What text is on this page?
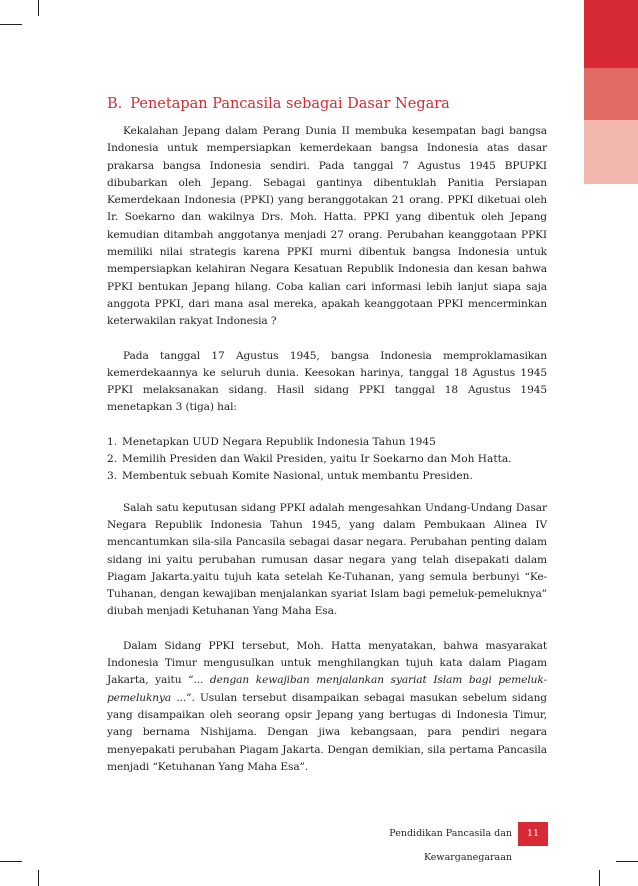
B. Penetapan Pancasila sebagai Dasar Negara

Kekalahan Jepang dalam Perang Dunia II membuka kesempatan bagi bangsa Indonesia untuk mempersiapkan kemerdekaan bangsa Indonesia atas dasar prakarsa bangsa Indonesia sendiri. Pada tanggal 7 Agustus 1945 BPUPKI dibubarkan oleh Jepang. Sebagai gantinya dibentuklah Panitia Persiapan Kemerdekaan Indonesia (PPKI) yang beranggotakan 21 orang. PPKI diketuai oleh Ir. Soekarno dan wakilnya Drs. Moh. Hatta. PPKI yang dibentuk oleh Jepang kemudian ditambah anggotanya menjadi 27 orang. Perubahan keanggotaan PPKI memiliki nilai strategis karena PPKI murni dibentuk bangsa Indonesia untuk mempersiapkan kelahiran Negara Kesatuan Republik Indonesia dan kesan bahwa PPKI bentukan Jepang hilang. Coba kalian cari informasi lebih lanjut siapa saja anggota PPKI, dari mana asal mereka, apakah keanggotaan PPKI mencerminkan keterwakilan rakyat Indonesia ?

Pada tanggal 17 Agustus 1945, bangsa Indonesia memproklamasikan kemerdekaannya ke seluruh dunia. Keesokan harinya, tanggal 18 Agustus 1945 PPKI melaksanakan sidang. Hasil sidang PPKI tanggal 18 Agustus 1945 menetapkan 3 (tiga) hal:

1. Menetapkan UUD Negara Republik Indonesia Tahun 1945
2. Memilih Presiden dan Wakil Presiden, yaitu Ir Soekarno dan Moh Hatta.
3. Membentuk sebuah Komite Nasional, untuk membantu Presiden.

Salah satu keputusan sidang PPKI adalah mengesahkan Undang-Undang Dasar Negara Republik Indonesia Tahun 1945, yang dalam Pembukaan Alinea IV mencantumkan sila-sila Pancasila sebagai dasar negara. Perubahan penting dalam sidang ini yaitu perubahan rumusan dasar negara yang telah disepakati dalam Piagam Jakarta.yaitu tujuh kata setelah Ke-Tuhanan, yang semula berbunyi “Ke-Tuhanan, dengan kewajiban menjalankan syariat Islam bagi pemeluk-pemeluknya” diubah menjadi Ketuhanan Yang Maha Esa.

Dalam Sidang PPKI tersebut, Moh. Hatta menyatakan, bahwa masyarakat Indonesia Timur mengusulkan untuk menghilangkan tujuh kata dalam Piagam Jakarta, yaitu “... dengan kewajiban menjalankan syariat Islam bagi pemeluk-pemeluknya ...”. Usulan tersebut disampaikan sebagai masukan sebelum sidang yang disampaikan oleh seorang opsir Jepang yang bertugas di Indonesia Timur, yang bernama Nishijama. Dengan jiwa kebangsaan, para pendiri negara menyepakati perubahan Piagam Jakarta. Dengan demikian, sila pertama Pancasila menjadi “Ketuhanan Yang Maha Esa”.

Pendidikan Pancasila dan Kewarganegaraan
11
